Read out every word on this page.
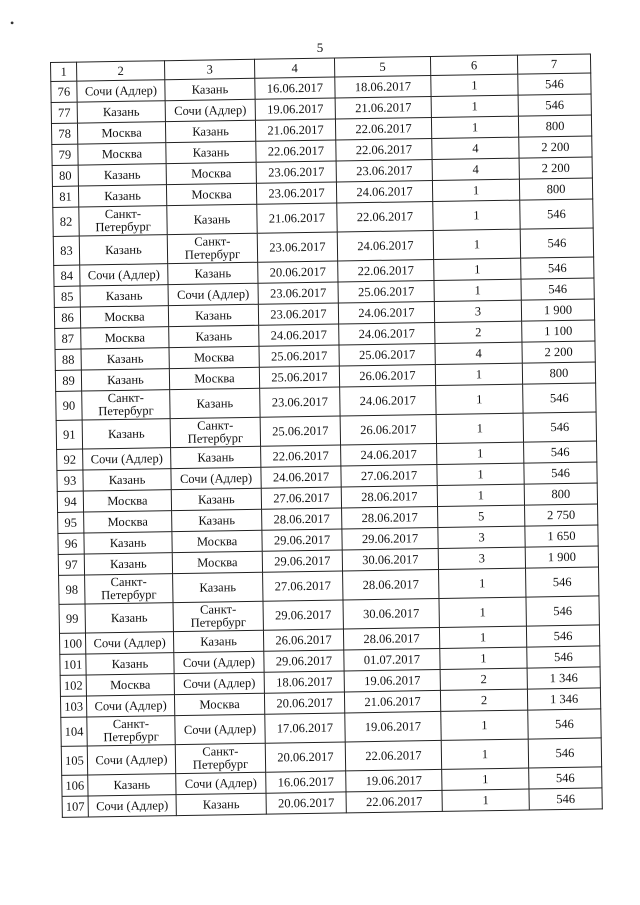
•
5
1	2	3	4	5	6	7
76	Сочи (Адлер)	Казань	16.06.2017	18.06.2017	1	546
77	Казань	Сочи (Адлер)	19.06.2017	21.06.2017	1	546
78	Москва	Казань	21.06.2017	22.06.2017	1	800
79	Москва	Казань	22.06.2017	22.06.2017	4	2 200
80	Казань	Москва	23.06.2017	23.06.2017	4	2 200
81	Казань	Москва	23.06.2017	24.06.2017	1	800
82	Санкт-Петербург	Казань	21.06.2017	22.06.2017	1	546
83	Казань	Санкт-Петербург	23.06.2017	24.06.2017	1	546
84	Сочи (Адлер)	Казань	20.06.2017	22.06.2017	1	546
85	Казань	Сочи (Адлер)	23.06.2017	25.06.2017	1	546
86	Москва	Казань	23.06.2017	24.06.2017	3	1 900
87	Москва	Казань	24.06.2017	24.06.2017	2	1 100
88	Казань	Москва	25.06.2017	25.06.2017	4	2 200
89	Казань	Москва	25.06.2017	26.06.2017	1	800
90	Санкт-Петербург	Казань	23.06.2017	24.06.2017	1	546
91	Казань	Санкт-Петербург	25.06.2017	26.06.2017	1	546
92	Сочи (Адлер)	Казань	22.06.2017	24.06.2017	1	546
93	Казань	Сочи (Адлер)	24.06.2017	27.06.2017	1	546
94	Москва	Казань	27.06.2017	28.06.2017	1	800
95	Москва	Казань	28.06.2017	28.06.2017	5	2 750
96	Казань	Москва	29.06.2017	29.06.2017	3	1 650
97	Казань	Москва	29.06.2017	30.06.2017	3	1 900
98	Санкт-Петербург	Казань	27.06.2017	28.06.2017	1	546
99	Казань	Санкт-Петербург	29.06.2017	30.06.2017	1	546
100	Сочи (Адлер)	Казань	26.06.2017	28.06.2017	1	546
101	Казань	Сочи (Адлер)	29.06.2017	01.07.2017	1	546
102	Москва	Сочи (Адлер)	18.06.2017	19.06.2017	2	1 346
103	Сочи (Адлер)	Москва	20.06.2017	21.06.2017	2	1 346
104	Санкт-Петербург	Сочи (Адлер)	17.06.2017	19.06.2017	1	546
105	Сочи (Адлер)	Санкт-Петербург	20.06.2017	22.06.2017	1	546
106	Казань	Сочи (Адлер)	16.06.2017	19.06.2017	1	546
107	Сочи (Адлер)	Казань	20.06.2017	22.06.2017	1	546
